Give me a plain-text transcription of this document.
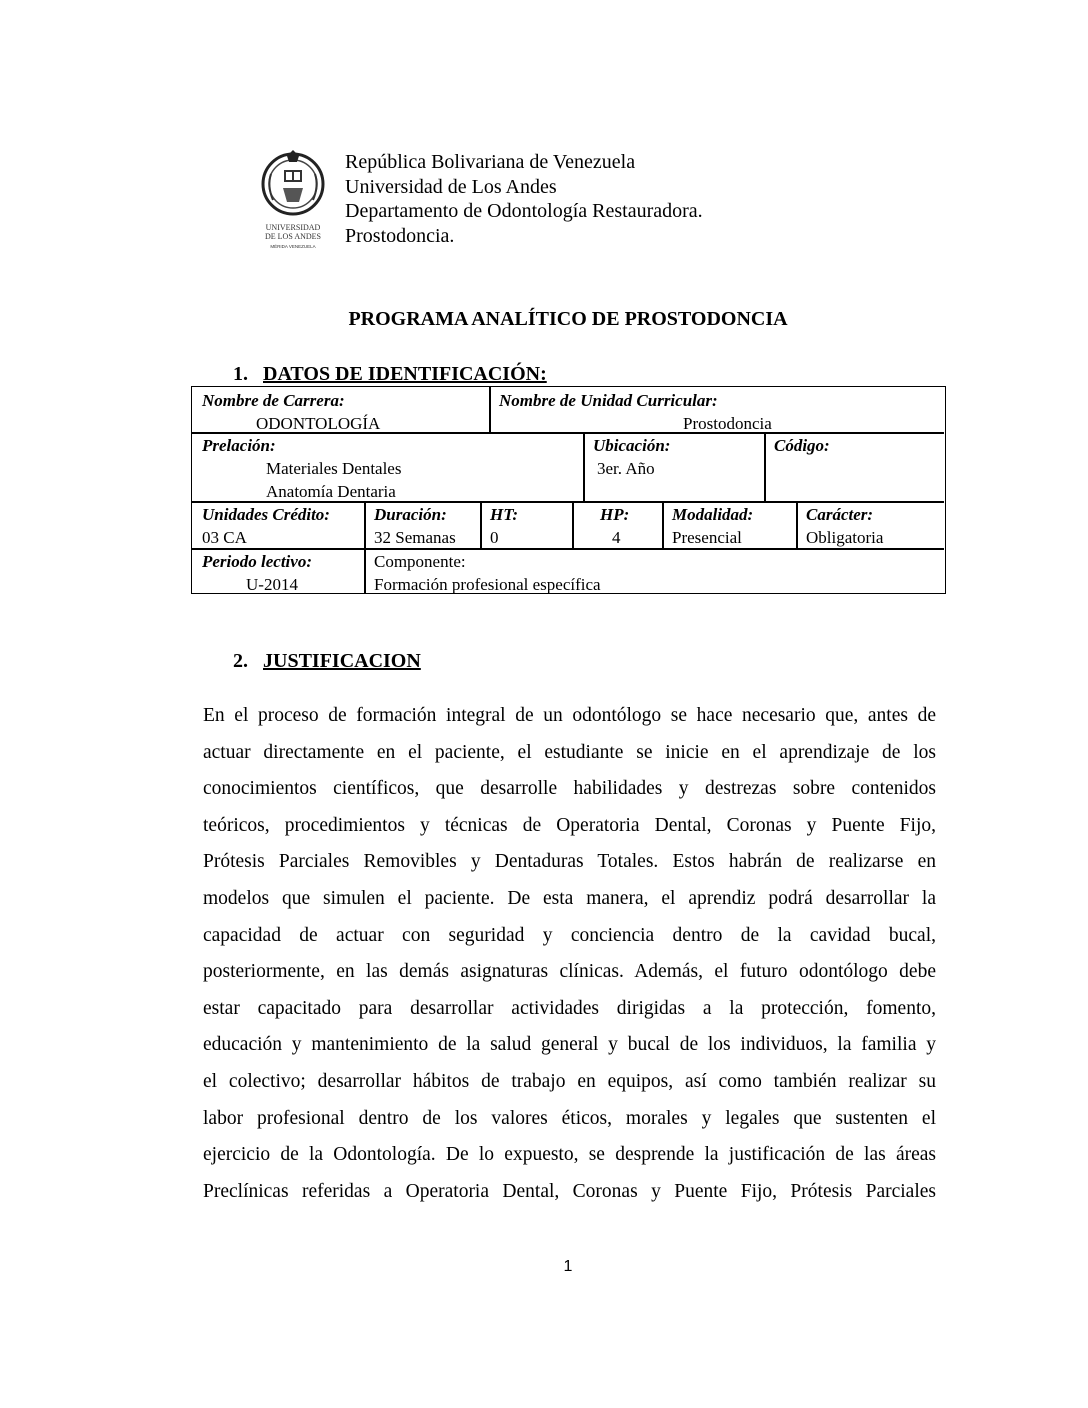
UNIVERSIDAD
DE LOS ANDES
MÉRIDA VENEZUELA
República Bolivariana de Venezuela
Universidad de Los Andes
Departamento de Odontología Restauradora.
Prostodoncia.
PROGRAMA ANALÍTICO DE PROSTODONCIA
1. DATOS DE IDENTIFICACIÓN:
Nombre de Carrera:
ODONTOLOGÍA
Nombre de Unidad Curricular:
Prostodoncia
Prelación:
Materiales Dentales
Anatomía Dentaria
Ubicación:
3er. Año
Código:
Unidades Crédito:
03 CA
Duración:
32 Semanas
HT:
0
HP:
4
Modalidad:
Presencial
Carácter:
Obligatoria
Periodo lectivo:
U-2014
Componente:
Formación profesional específica
2. JUSTIFICACION
En el proceso de formación integral de un odontólogo se hace necesario que, antes de
actuar directamente en el paciente, el estudiante se inicie en el aprendizaje de los
conocimientos científicos, que desarrolle habilidades y destrezas sobre contenidos
teóricos, procedimientos y técnicas de Operatoria Dental, Coronas y Puente Fijo,
Prótesis Parciales Removibles y Dentaduras Totales. Estos habrán de realizarse en
modelos que simulen el paciente. De esta manera, el aprendiz podrá desarrollar la
capacidad de actuar con seguridad y conciencia dentro de la cavidad bucal,
posteriormente, en las demás asignaturas clínicas. Además, el futuro odontólogo debe
estar capacitado para desarrollar actividades dirigidas a la protección, fomento,
educación y mantenimiento de la salud general y bucal de los individuos, la familia y
el colectivo; desarrollar hábitos de trabajo en equipos, así como también realizar su
labor profesional dentro de los valores éticos, morales y legales que sustenten el
ejercicio de la Odontología. De lo expuesto, se desprende la justificación de las áreas
Preclínicas referidas a Operatoria Dental, Coronas y Puente Fijo, Prótesis Parciales
1
